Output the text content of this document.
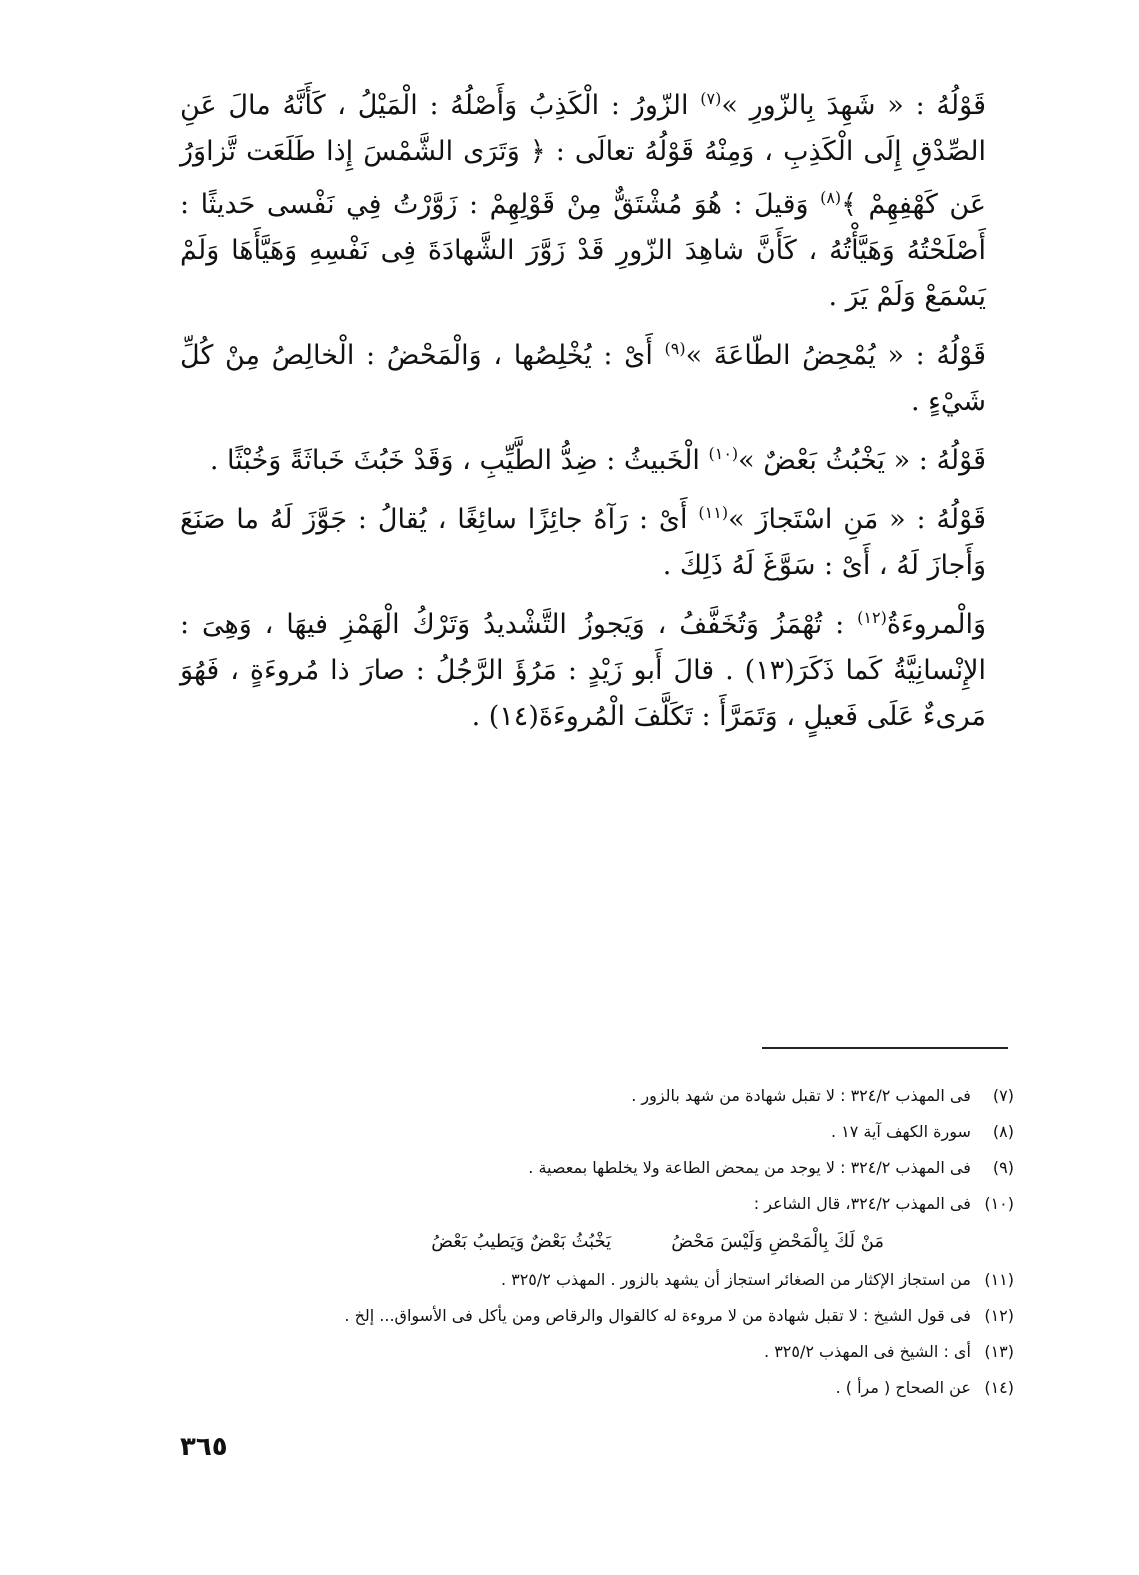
قَوْلُهُ : « شَهِدَ بِالزّورِ »$^{(٧)}$ الزّورُ : الْكَذِبُ وَأَصْلُهُ : الْمَيْلُ ، كَأَنَّهُ مالَ عَنِ الصِّدْقِ إِلَى الْكَذِبِ ، وَمِنْهُ قَوْلُهُ تعالَى : ﴿ وَتَرَى الشَّمْسَ إِذا طَلَعَت تَّزاوَرُ عَن كَهْفِهِمْ ﴾$^{(٨)}$ وَقيلَ : هُوَ مُشْتَقٌّ مِنْ قَوْلِهِمْ : زَوَّرْتُ فِي نَفْسى حَديثًا : أَصْلَحْتُهُ وَهَيَّأْتُهُ ، كَأَنَّ شاهِدَ الزّورِ قَدْ زَوَّرَ الشَّهادَةَ فِى نَفْسِهِ وَهَيَّأَهَا وَلَمْ يَسْمَعْ وَلَمْ يَرَ .

قَوْلُهُ : « يُمْحِضُ الطّاعَةَ »$^{(٩)}$ أَىْ : يُخْلِصُها ، وَالْمَحْضُ : الْخالِصُ مِنْ كُلِّ شَيْءٍ .

قَوْلُهُ : « يَخْبُثُ بَعْضٌ »$^{(١٠)}$ الْخَبيثُ : ضِدُّ الطَّيِّبِ ، وَقَدْ خَبُثَ خَباثَةً وَخُبْثًا .

قَوْلُهُ : « مَنِ اسْتَجازَ »$^{(١١)}$ أَىْ : رَآهُ جائِزًا سائِغًا ، يُقالُ : جَوَّزَ لَهُ ما صَنَعَ وَأَجازَ لَهُ ، أَىْ : سَوَّغَ لَهُ ذَلِكَ .

وَالْمروءَةُ$^{(١٢)}$ : تُهْمَزُ وَتُخَفَّفُ ، وَيَجوزُ التَّشْديدُ وَتَرْكُ الْهَمْزِ فيهَا ، وَهِىَ : الإِنْسانِيَّةُ كَما ذَكَرَ(١٣) . قالَ أَبو زَيْدٍ : مَرُؤَ الرَّجُلُ : صارَ ذا مُروءَةٍ ، فَهُوَ مَرىءٌ عَلَى فَعيلٍ ، وَتَمَرَّأَ : تَكَلَّفَ الْمُروءَةَ(١٤) .

(٧) فى المهذب ٣٢٤/٢ : لا تقبل شهادة من شهد بالزور .
(٨) سورة الكهف آية ١٧ .
(٩) فى المهذب ٣٢٤/٢ : لا يوجد من يمحض الطاعة ولا يخلطها بمعصية .
(١٠) فى المهذب ٣٢٤/٢، قال الشاعر :
مَنْ لَكَ بِالْمَحْضِ وَلَيْسَ مَحْضُ
يَخْبُثُ بَعْضٌ وَيَطيبُ بَعْضُ
(١١) من استجاز الإكثار من الصغائر استجاز أن يشهد بالزور . المهذب ٣٢٥/٢ .
(١٢) فى قول الشيخ : لا تقبل شهادة من لا مروءة له كالقوال والرقاص ومن يأكل فى الأسواق... إلخ .
(١٣) أى : الشيخ فى المهذب ٣٢٥/٢ .
(١٤) عن الصحاح ( مرأ ) .
٣٦٥
